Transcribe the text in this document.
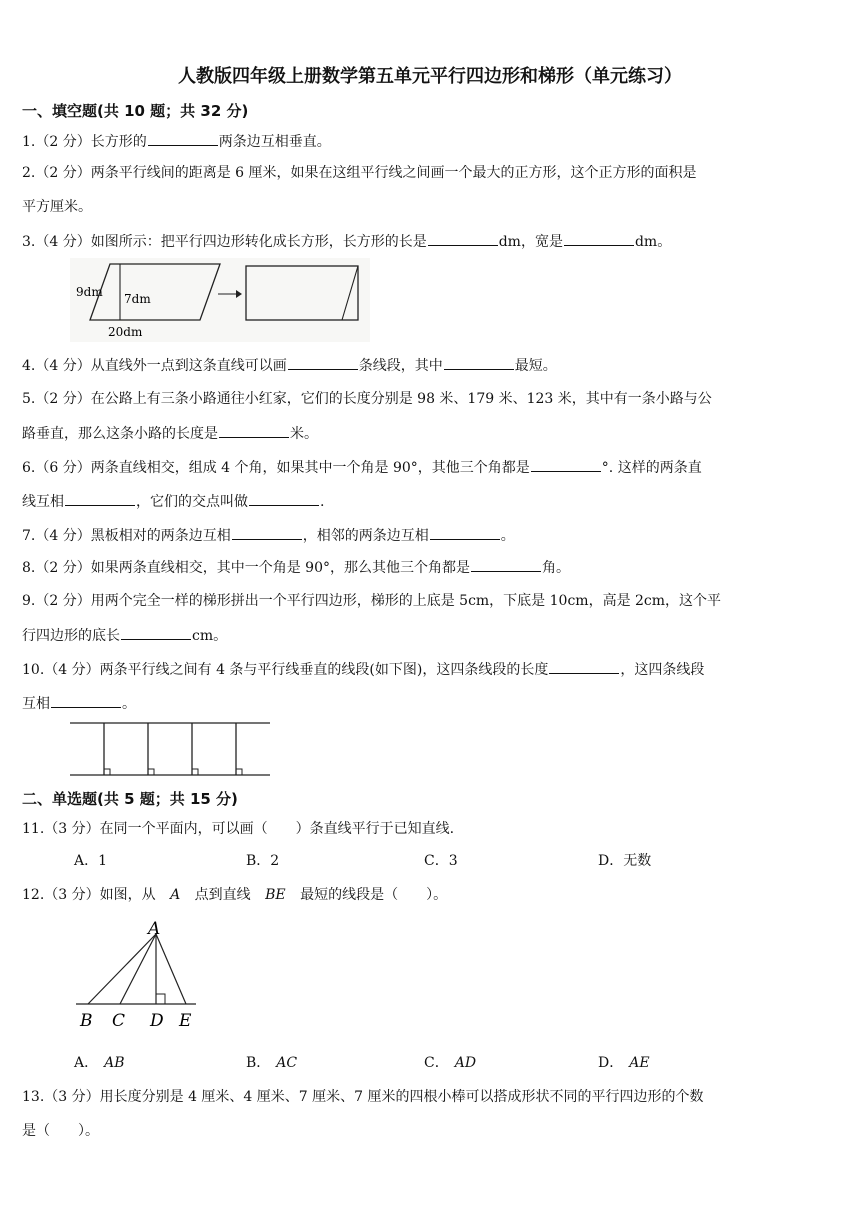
人教版四年级上册数学第五单元平行四边形和梯形（单元练习）
一、填空题(共 10 题；共 32 分)
1.（2 分）长方形的	两条边互相垂直。
2.（2 分）两条平行线间的距离是 6 厘米，如果在这组平行线之间画一个最大的正方形，这个正方形的面积是
平方厘米。
3.（4 分）如图所示：把平行四边形转化成长方形，长方形的长是	dm，宽是	dm。
9dm 7dm
20dm
4.（4 分）从直线外一点到这条直线可以画	条线段，其中	最短。
5.（2 分）在公路上有三条小路通往小红家，它们的长度分别是 98 米、179 米、123 米，其中有一条小路与公
路垂直，那么这条小路的长度是	米。
6.（6 分）两条直线相交，组成 4 个角，如果其中一个角是 90°，其他三个角都是	°. 这样的两条直
线互相	，它们的交点叫做	.
7.（4 分）黑板相对的两条边互相	，相邻的两条边互相	。
8.（2 分）如果两条直线相交，其中一个角是 90°，那么其他三个角都是	角。
9.（2 分）用两个完全一样的梯形拼出一个平行四边形，梯形的上底是 5cm，下底是 10cm，高是 2cm，这个平
行四边形的底长	cm。
10.（4 分）两条平行线之间有 4 条与平行线垂直的线段(如下图)，这四条线段的长度	，这四条线段
互相	。
二、单选题(共 5 题；共 15 分)
11.（3 分）在同一个平面内，可以画（　　）条直线平行于已知直线.
A．1	B．2	C．3	D．无数
12.（3 分）如图，从 A 点到直线 BE 最短的线段是（　　）。
A
B C D E
A． AB	B． AC	C． AD	D． AE
13.（3 分）用长度分别是 4 厘米、4 厘米、7 厘米、7 厘米的四根小棒可以搭成形状不同的平行四边形的个数
是（　　）。
